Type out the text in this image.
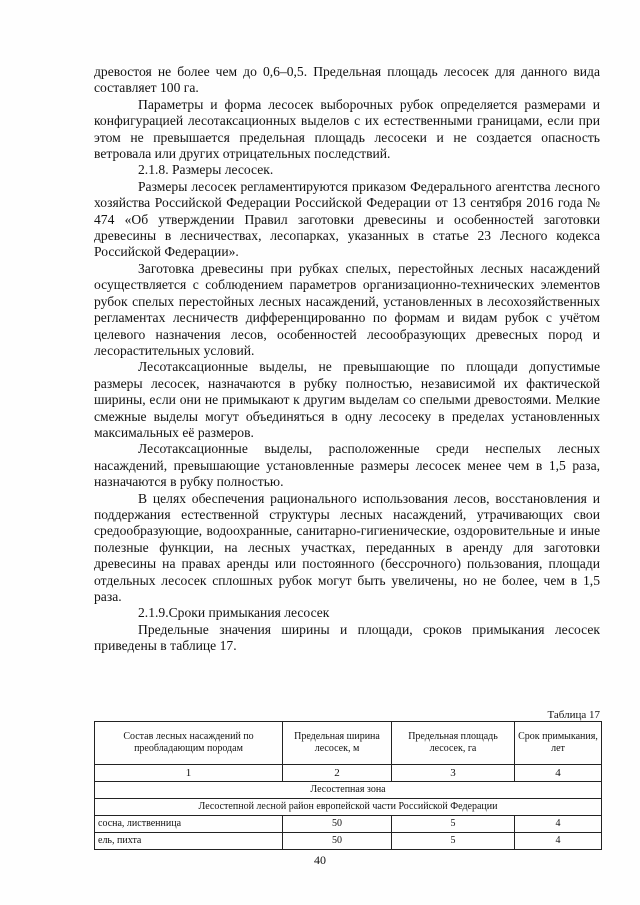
древостоя не более чем до 0,6–0,5. Предельная площадь лесосек для данного вида составляет 100 га.

Параметры и форма лесосек выборочных рубок определяется размерами и конфигурацией лесотаксационных выделов с их естественными границами, если при этом не превышается предельная площадь лесосеки и не создается опасность ветровала или других отрицательных последствий.

2.1.8. Размеры лесосек.

Размеры лесосек регламентируются приказом Федерального агентства лесного хозяйства Российской Федерации Российской Федерации от 13 сентября 2016 года № 474 «Об утверждении Правил заготовки древесины и особенностей заготовки древесины в лесничествах, лесопарках, указанных в статье 23 Лесного кодекса Российской Федерации».

Заготовка древесины при рубках спелых, перестойных лесных насаждений осуществляется с соблюдением параметров организационно-технических элементов рубок спелых перестойных лесных насаждений, установленных в лесохозяйственных регламентах лесничеств дифференцированно по формам и видам рубок с учётом целевого назначения лесов, особенностей лесообразующих древесных пород и лесорастительных условий.

Лесотаксационные выделы, не превышающие по площади допустимые размеры лесосек, назначаются в рубку полностью, независимой их фактической ширины, если они не примыкают к другим выделам со спелыми древостоями. Мелкие смежные выделы могут объединяться в одну лесосеку в пределах установленных максимальных её размеров.

Лесотаксационные выделы, расположенные среди неспелых лесных насаждений, превышающие установленные размеры лесосек менее чем в 1,5 раза, назначаются в рубку полностью.

В целях обеспечения рационального использования лесов, восстановления и поддержания естественной структуры лесных насаждений, утрачивающих свои средообразующие, водоохранные, санитарно-гигиенические, оздоровительные и иные полезные функции, на лесных участках, переданных в аренду для заготовки древесины на правах аренды или постоянного (бессрочного) пользования, площади отдельных лесосек сплошных рубок могут быть увеличены, но не более, чем в 1,5 раза.

2.1.9.Сроки примыкания лесосек

Предельные значения ширины и площади, сроков примыкания лесосек приведены в таблице 17.

Таблица 17
Состав лесных насаждений по преобладающим породам	Предельная ширина лесосек, м	Предельная площадь лесосек, га	Срок примыкания, лет
1	2	3	4
Лесостепная зона			
Лесостепной лесной район европейской части Российской Федерации			
сосна, лиственница	50	5	4
ель, пихта	50	5	4
40
